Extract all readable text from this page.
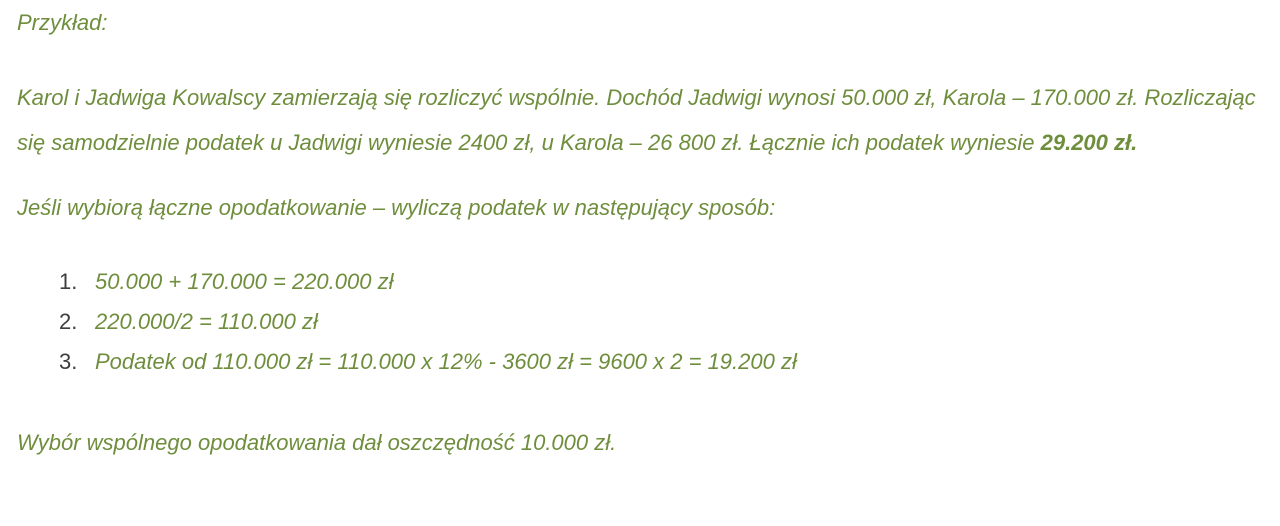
Przykład:

Karol i Jadwiga Kowalscy zamierzają się rozliczyć wspólnie. Dochód Jadwigi wynosi 50.000 zł, Karola – 170.000 zł. Rozliczając się samodzielnie podatek u Jadwigi wyniesie 2400 zł, u Karola – 26 800 zł. Łącznie ich podatek wyniesie 29.200 zł.

Jeśli wybiorą łączne opodatkowanie – wyliczą podatek w następujący sposób:

1. 50.000 + 170.000 = 220.000 zł
2. 220.000/2 = 110.000 zł
3. Podatek od 110.000 zł = 110.000 x 12% - 3600 zł = 9600 x 2 = 19.200 zł

Wybór wspólnego opodatkowania dał oszczędność 10.000 zł.
